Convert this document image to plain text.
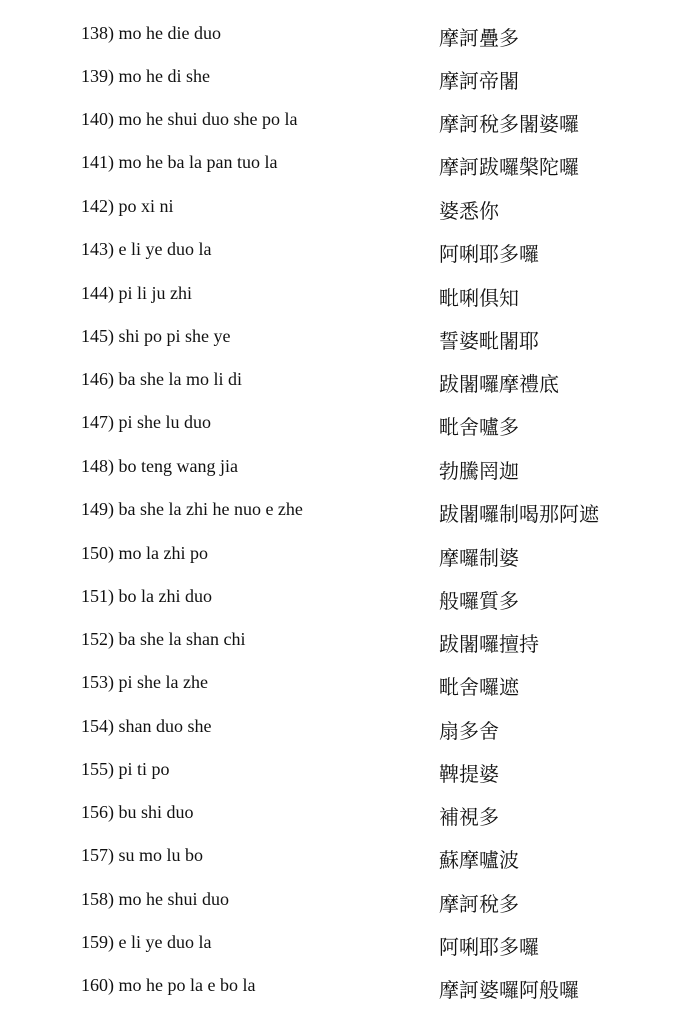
138) mo he die duo	摩訶疊多
139) mo he di she	摩訶帝闍
140) mo he shui duo she po la	摩訶稅多闍婆囉
141) mo he ba la pan tuo la	摩訶跋囉槃陀囉
142) po xi ni	婆悉你
143) e li ye duo la	阿唎耶多囉
144) pi li ju zhi	毗唎俱知
145) shi po pi she ye	誓婆毗闍耶
146) ba she la mo li di	跋闍囉摩禮底
147) pi she lu duo	毗舍嚧多
148) bo teng wang jia	勃騰罔迦
149) ba she la zhi he nuo e zhe	跋闍囉制喝那阿遮
150) mo la zhi po	摩囉制婆
151) bo la zhi duo	般囉質多
152) ba she la shan chi	跋闍囉擅持
153) pi she la zhe	毗舍囉遮
154) shan duo she	扇多舍
155) pi ti po	鞞提婆
156) bu shi duo	補視多
157) su mo lu bo	蘇摩嚧波
158) mo he shui duo	摩訶稅多
159) e li ye duo la	阿唎耶多囉
160) mo he po la e bo la	摩訶婆囉阿般囉
